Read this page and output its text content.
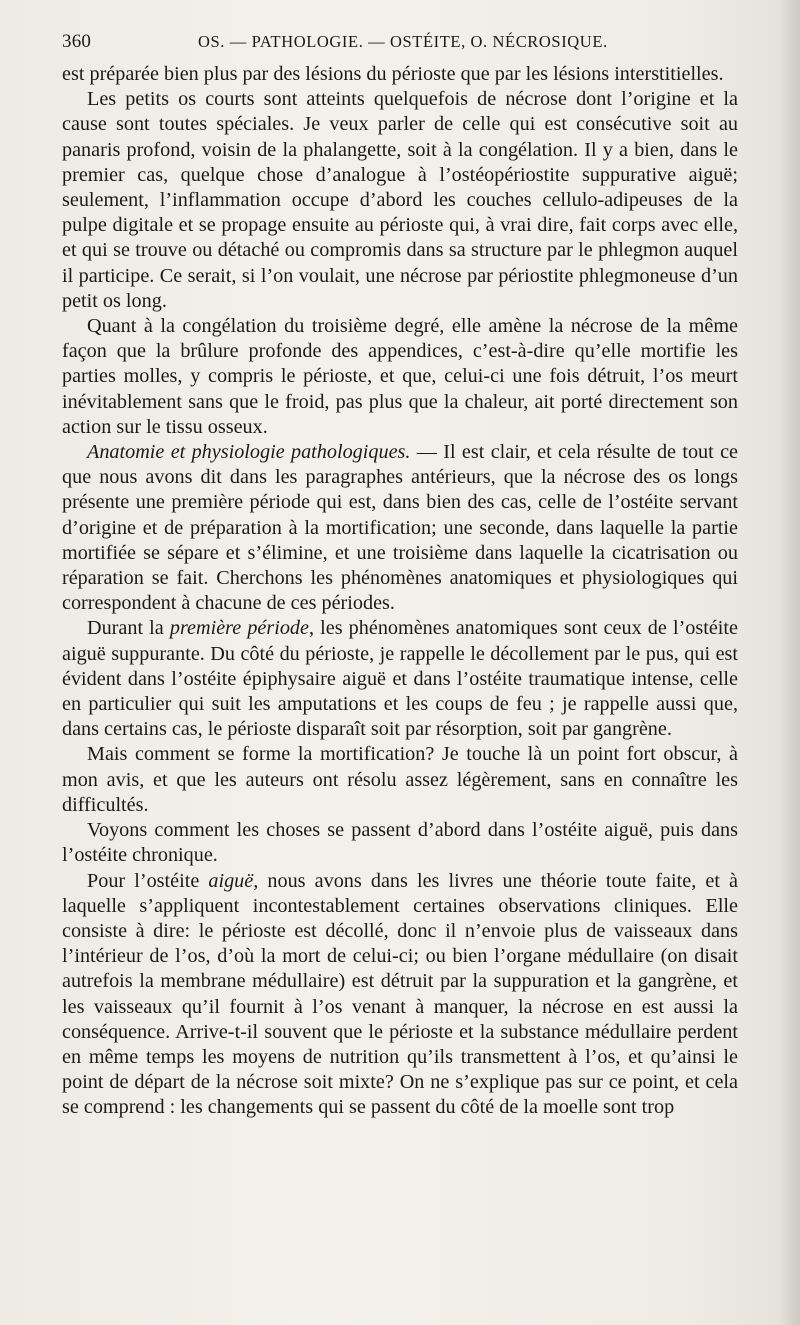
360	OS. — PATHOLOGIE. — OSTÉITE, O. NÉCROSIQUE.

est préparée bien plus par des lésions du périoste que par les lésions interstitielles.

Les petits os courts sont atteints quelquefois de nécrose dont l’origine et la cause sont toutes spéciales. Je veux parler de celle qui est consécutive soit au panaris profond, voisin de la phalangette, soit à la congélation. Il y a bien, dans le premier cas, quelque chose d’analogue à l’ostéopériostite suppurative aiguë; seulement, l’inflammation occupe d’abord les couches cellulo-adipeuses de la pulpe digitale et se propage ensuite au périoste qui, à vrai dire, fait corps avec elle, et qui se trouve ou détaché ou compromis dans sa structure par le phlegmon auquel il participe. Ce serait, si l’on voulait, une nécrose par périostite phlegmoneuse d’un petit os long.

Quant à la congélation du troisième degré, elle amène la nécrose de la même façon que la brûlure profonde des appendices, c’est-à-dire qu’elle mortifie les parties molles, y compris le périoste, et que, celui-ci une fois détruit, l’os meurt inévitablement sans que le froid, pas plus que la chaleur, ait porté directement son action sur le tissu osseux.

Anatomie et physiologie pathologiques. — Il est clair, et cela résulte de tout ce que nous avons dit dans les paragraphes antérieurs, que la nécrose des os longs présente une première période qui est, dans bien des cas, celle de l’ostéite servant d’origine et de préparation à la mortification; une seconde, dans laquelle la partie mortifiée se sépare et s’élimine, et une troisième dans laquelle la cicatrisation ou réparation se fait. Cherchons les phénomènes anatomiques et physiologiques qui correspondent à chacune de ces périodes.

Durant la première période, les phénomènes anatomiques sont ceux de l’ostéite aiguë suppurante. Du côté du périoste, je rappelle le décollement par le pus, qui est évident dans l’ostéite épiphysaire aiguë et dans l’ostéite traumatique intense, celle en particulier qui suit les amputations et les coups de feu ; je rappelle aussi que, dans certains cas, le périoste disparaît soit par résorption, soit par gangrène.

Mais comment se forme la mortification? Je touche là un point fort obscur, à mon avis, et que les auteurs ont résolu assez légèrement, sans en connaître les difficultés.

Voyons comment les choses se passent d’abord dans l’ostéite aiguë, puis dans l’ostéite chronique.

Pour l’ostéite aiguë, nous avons dans les livres une théorie toute faite, et à laquelle s’appliquent incontestablement certaines observations cliniques. Elle consiste à dire: le périoste est décollé, donc il n’envoie plus de vaisseaux dans l’intérieur de l’os, d’où la mort de celui-ci; ou bien l’organe médullaire (on disait autrefois la membrane médullaire) est détruit par la suppuration et la gangrène, et les vaisseaux qu’il fournit à l’os venant à manquer, la nécrose en est aussi la conséquence. Arrive-t-il souvent que le périoste et la substance médullaire perdent en même temps les moyens de nutrition qu’ils transmettent à l’os, et qu’ainsi le point de départ de la nécrose soit mixte? On ne s’explique pas sur ce point, et cela se comprend : les changements qui se passent du côté de la moelle sont trop
